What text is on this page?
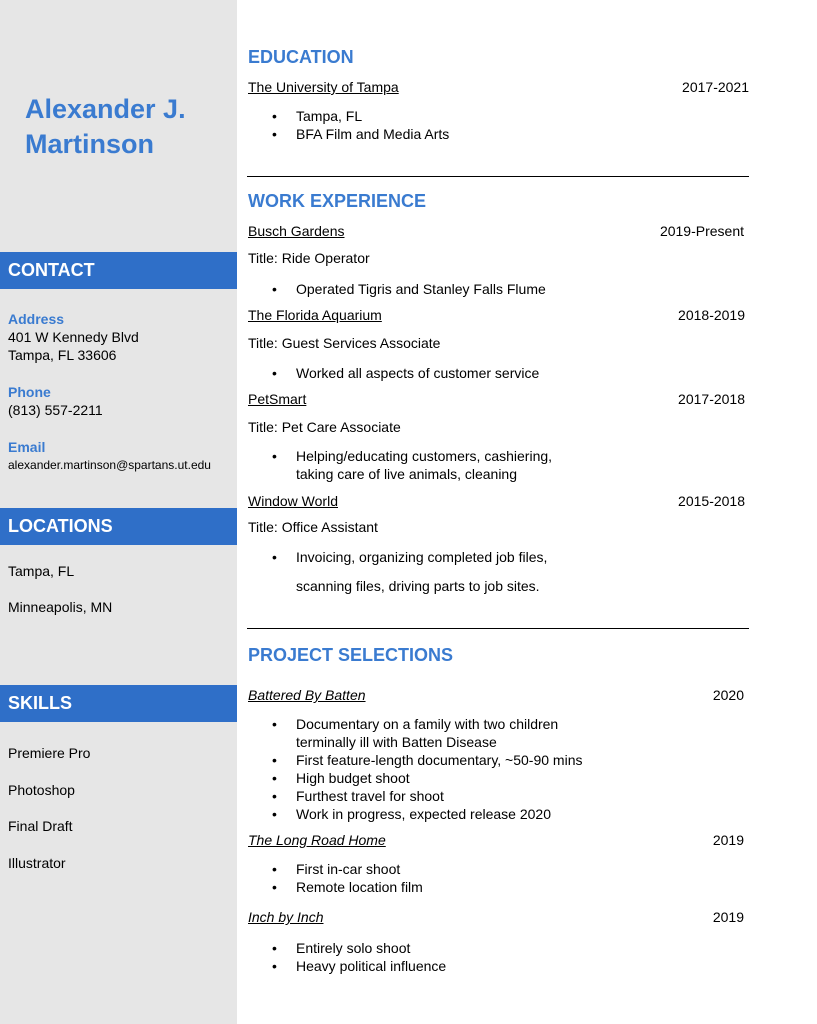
Alexander J.
Martinson
CONTACT
Address
401 W Kennedy Blvd
Tampa, FL 33606
Phone
(813) 557-2211
Email
alexander.martinson@spartans.ut.edu
LOCATIONS
Tampa, FL
Minneapolis, MN
SKILLS
Premiere Pro
Photoshop
Final Draft
Illustrator
EDUCATION
The University of Tampa	2017-2021
• Tampa, FL
• BFA Film and Media Arts
WORK EXPERIENCE
Busch Gardens	2019-Present
Title: Ride Operator
• Operated Tigris and Stanley Falls Flume
The Florida Aquarium	2018-2019
Title: Guest Services Associate
• Worked all aspects of customer service
PetSmart	2017-2018
Title: Pet Care Associate
• Helping/educating customers, cashiering, taking care of live animals, cleaning
Window World	2015-2018
Title: Office Assistant
• Invoicing, organizing completed job files,
scanning files, driving parts to job sites.
PROJECT SELECTIONS
Battered By Batten	2020
• Documentary on a family with two children terminally ill with Batten Disease
• First feature-length documentary, ~50-90 mins
• High budget shoot
• Furthest travel for shoot
• Work in progress, expected release 2020
The Long Road Home	2019
• First in-car shoot
• Remote location film
Inch by Inch	2019
• Entirely solo shoot
• Heavy political influence
